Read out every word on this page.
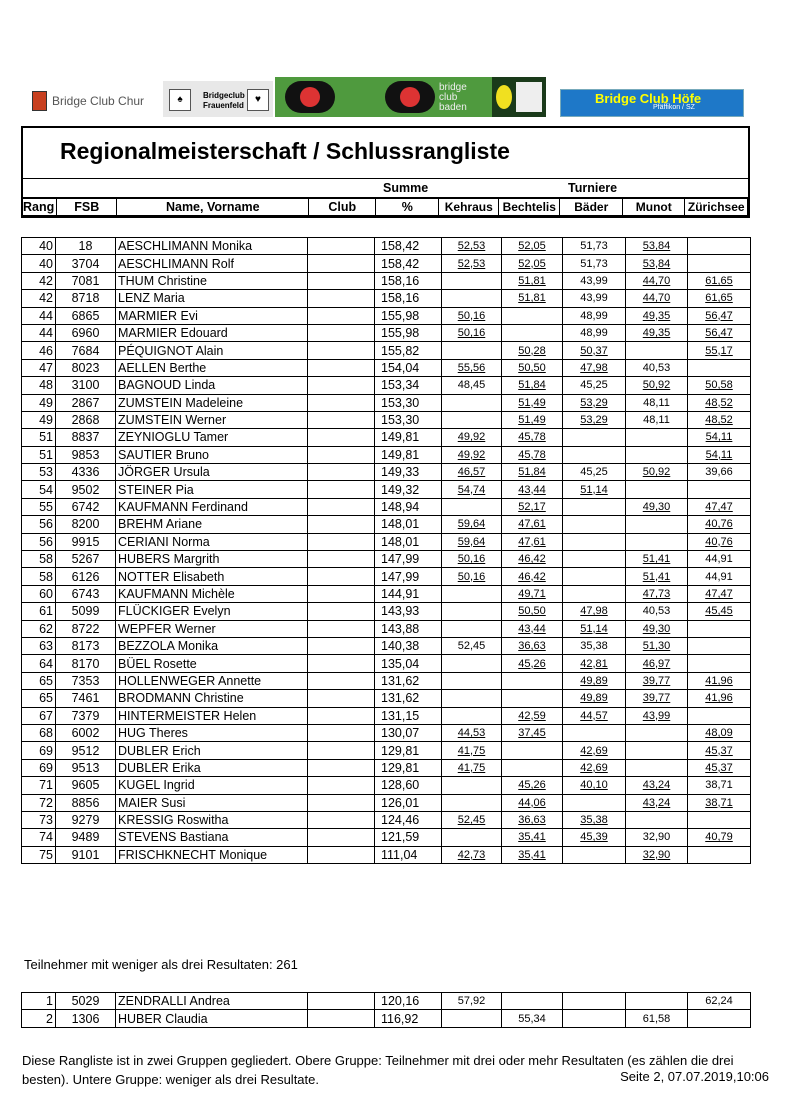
Bridge Club Chur	♠	Bridgeclub
Frauenfeld
♥
bridge
club
baden
Bridge Club Höfe
Pfäffikon / SZ
Regionalmeisterschaft / Schlussrangliste
Summe	Turniere
Rang	FSB	Name, Vorname	Club	%	Kehraus	Bechtelis	Bäder	Munot	Zürichsee
40	18	AESCHLIMANN Monika		158,42	52,53	52,05	51,73	53,84	
40	3704	AESCHLIMANN Rolf		158,42	52,53	52,05	51,73	53,84	
42	7081	THUM Christine		158,16		51,81	43,99	44,70	61,65
42	8718	LENZ Maria		158,16		51,81	43,99	44,70	61,65
44	6865	MARMIER Evi		155,98	50,16		48,99	49,35	56,47
44	6960	MARMIER Edouard		155,98	50,16		48,99	49,35	56,47
46	7684	PÉQUIGNOT Alain		155,82		50,28	50,37		55,17
47	8023	AELLEN Berthe		154,04	55,56	50,50	47,98	40,53	
48	3100	BAGNOUD Linda		153,34	48,45	51,84	45,25	50,92	50,58
49	2867	ZUMSTEIN Madeleine		153,30		51,49	53,29	48,11	48,52
49	2868	ZUMSTEIN Werner		153,30		51,49	53,29	48,11	48,52
51	8837	ZEYNIOGLU Tamer		149,81	49,92	45,78			54,11
51	9853	SAUTIER Bruno		149,81	49,92	45,78			54,11
53	4336	JÖRGER Ursula		149,33	46,57	51,84	45,25	50,92	39,66
54	9502	STEINER Pia		149,32	54,74	43,44	51,14		
55	6742	KAUFMANN Ferdinand		148,94		52,17		49,30	47,47
56	8200	BREHM Ariane		148,01	59,64	47,61			40,76
56	9915	CERIANI Norma		148,01	59,64	47,61			40,76
58	5267	HUBERS Margrith		147,99	50,16	46,42		51,41	44,91
58	6126	NOTTER Elisabeth		147,99	50,16	46,42		51,41	44,91
60	6743	KAUFMANN Michèle		144,91		49,71		47,73	47,47
61	5099	FLÜCKIGER Evelyn		143,93		50,50	47,98	40,53	45,45
62	8722	WEPFER Werner		143,88		43,44	51,14	49,30	
63	8173	BEZZOLA Monika		140,38	52,45	36,63	35,38	51,30	
64	8170	BÜEL Rosette		135,04		45,26	42,81	46,97	
65	7353	HOLLENWEGER Annette		131,62			49,89	39,77	41,96
65	7461	BRODMANN Christine		131,62			49,89	39,77	41,96
67	7379	HINTERMEISTER Helen		131,15		42,59	44,57	43,99	
68	6002	HUG Theres		130,07	44,53	37,45			48,09
69	9512	DUBLER Erich		129,81	41,75		42,69		45,37
69	9513	DUBLER Erika		129,81	41,75		42,69		45,37
71	9605	KUGEL Ingrid		128,60		45,26	40,10	43,24	38,71
72	8856	MAIER Susi		126,01		44,06		43,24	38,71
73	9279	KRESSIG Roswitha		124,46	52,45	36,63	35,38		
74	9489	STEVENS Bastiana		121,59		35,41	45,39	32,90	40,79
75	9101	FRISCHKNECHT Monique		111,04	42,73	35,41		32,90	
Teilnehmer mit weniger als drei Resultaten: 261
1	5029	ZENDRALLI Andrea		120,16	57,92				62,24
2	1306	HUBER Claudia		116,92		55,34		61,58	
Diese Rangliste ist in zwei Gruppen gegliedert. Obere Gruppe: Teilnehmer mit drei oder mehr Resultaten (es zählen die drei besten). Untere Gruppe: weniger als drei Resultate.	Seite 2, 07.07.2019,10:06
